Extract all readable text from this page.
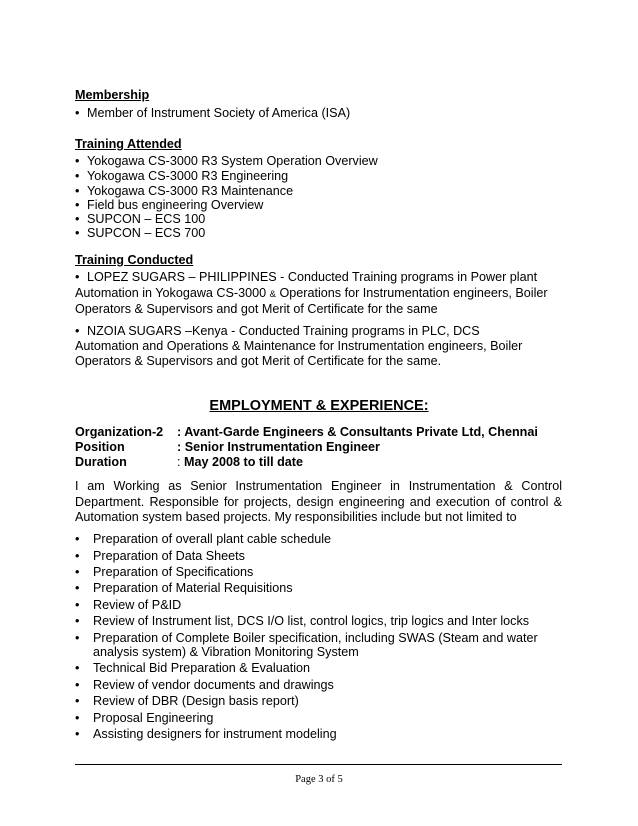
Membership
• Member of Instrument Society of America (ISA)
Training Attended
• Yokogawa CS-3000 R3 System Operation Overview
• Yokogawa CS-3000 R3 Engineering
• Yokogawa CS-3000 R3 Maintenance
• Field bus engineering Overview
• SUPCON – ECS 100
• SUPCON – ECS 700
Training Conducted
• LOPEZ SUGARS – PHILIPPINES - Conducted Training programs in Power plant
Automation in Yokogawa CS-3000 & Operations for Instrumentation engineers, Boiler
Operators & Supervisors and got Merit of Certificate for the same
• NZOIA SUGARS –Kenya - Conducted Training programs in PLC, DCS
Automation and Operations & Maintenance for Instrumentation engineers, Boiler
Operators & Supervisors and got Merit of Certificate for the same.
EMPLOYMENT & EXPERIENCE:
Organization-2 : Avant-Garde Engineers & Consultants Private Ltd, Chennai
Position	: Senior Instrumentation Engineer
Duration	: May 2008 to till date
I am Working as Senior Instrumentation Engineer in Instrumentation & Control Department. Responsible for projects, design engineering and execution of control & Automation system based projects. My responsibilities include but not limited to
• Preparation of overall plant cable schedule
• Preparation of Data Sheets
• Preparation of Specifications
• Preparation of Material Requisitions
• Review of P&ID
• Review of Instrument list, DCS I/O list, control logics, trip logics and Inter locks
• Preparation of Complete Boiler specification, including SWAS (Steam and water
analysis system) & Vibration Monitoring System
• Technical Bid Preparation & Evaluation
• Review of vendor documents and drawings
• Review of DBR (Design basis report)
• Proposal Engineering
• Assisting designers for instrument modeling
Page 3 of 5
